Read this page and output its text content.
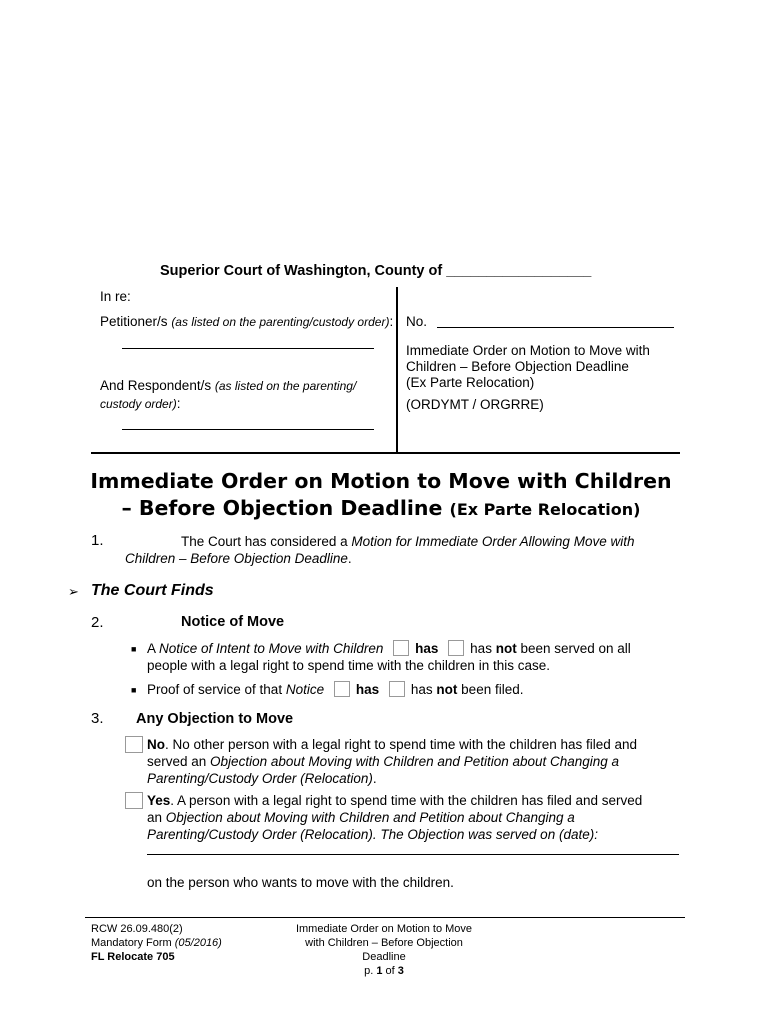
Superior Court of Washington, County of __________________
In re:
Petitioner/s (as listed on the parenting/custody order):
And Respondent/s (as listed on the parenting/
custody order):
No.
Immediate Order on Motion to Move with
Children – Before Objection Deadline
(Ex Parte Relocation)
(ORDYMT / ORGRRE)
Immediate Order on Motion to Move with Children
– Before Objection Deadline (Ex Parte Relocation)
1.	The Court has considered a Motion for Immediate Order Allowing Move with
Children – Before Objection Deadline.
➢ The Court Finds
2.	Notice of Move
■ A Notice of Intent to Move with Children has has not been served on all
people with a legal right to spend time with the children in this case.
■ Proof of service of that Notice has has not been filed.
3. Any Objection to Move
No. No other person with a legal right to spend time with the children has filed and
served an Objection about Moving with Children and Petition about Changing a
Parenting/Custody Order (Relocation).
Yes. A person with a legal right to spend time with the children has filed and served
an Objection about Moving with Children and Petition about Changing a
Parenting/Custody Order (Relocation). The Objection was served on (date):
on the person who wants to move with the children.
RCW 26.09.480(2)
Mandatory Form (05/2016)
FL Relocate 705
Immediate Order on Motion to Move
with Children – Before Objection
Deadline
p. 1 of 3
